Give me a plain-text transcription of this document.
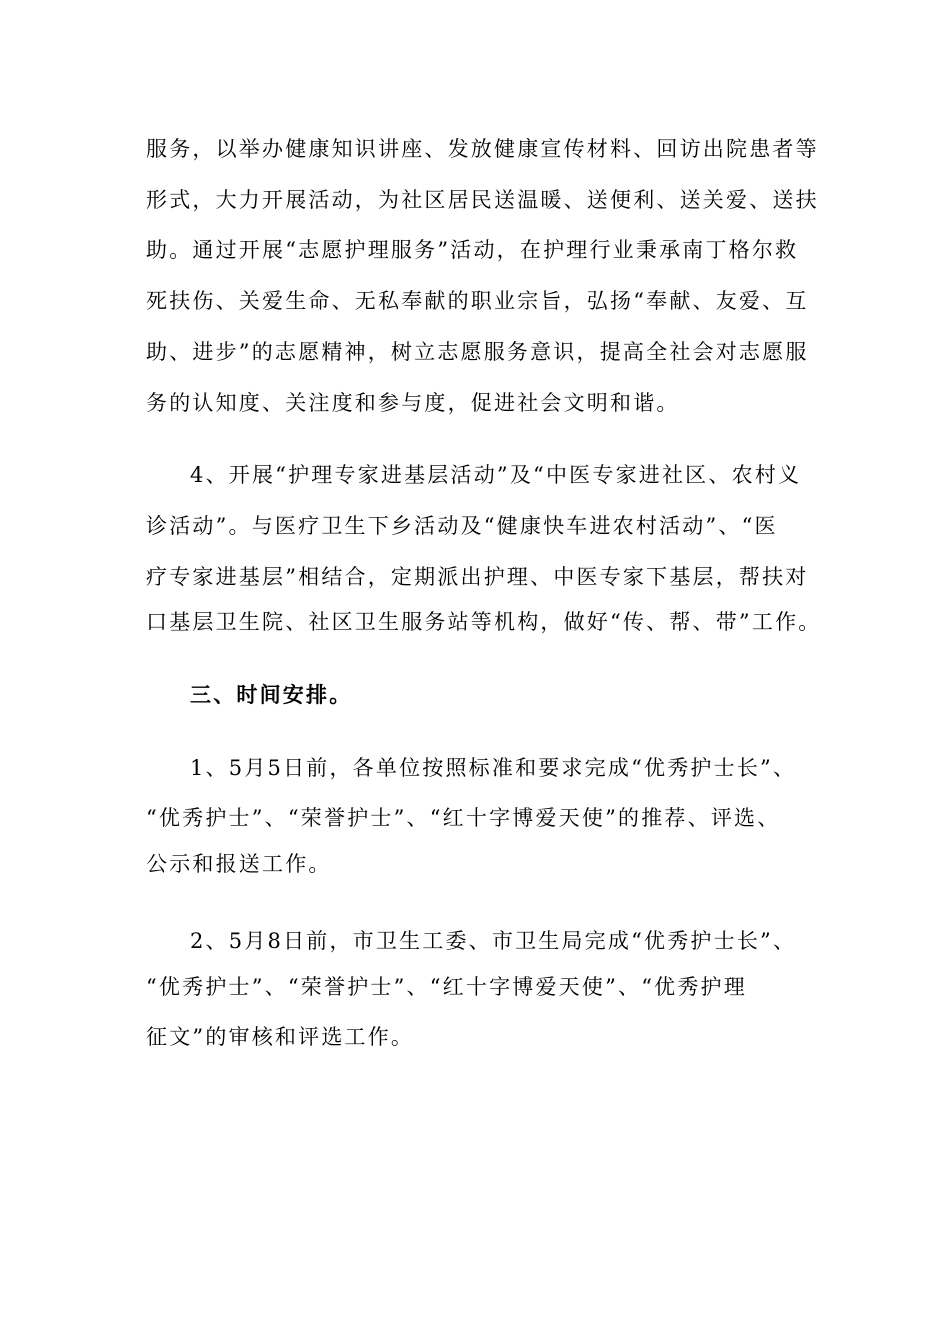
服务，以举办健康知识讲座、发放健康宣传材料、回访出院患者等
形式，大力开展活动，为社区居民送温暖、送便利、送关爱、送扶
助。通过开展“志愿护理服务”活动，在护理行业秉承南丁格尔救
死扶伤、关爱生命、无私奉献的职业宗旨，弘扬“奉献、友爱、互
助、进步”的志愿精神，树立志愿服务意识，提高全社会对志愿服
务的认知度、关注度和参与度，促进社会文明和谐。
4、开展“护理专家进基层活动”及“中医专家进社区、农村义
诊活动”。与医疗卫生下乡活动及“健康快车进农村活动”、“医
疗专家进基层”相结合，定期派出护理、中医专家下基层，帮扶对
口基层卫生院、社区卫生服务站等机构，做好“传、帮、带”工作。
三、时间安排。
1、5月5日前，各单位按照标准和要求完成“优秀护士长”、
“优秀护士”、“荣誉护士”、“红十字博爱天使”的推荐、评选、
公示和报送工作。
2、5月8日前，市卫生工委、市卫生局完成“优秀护士长”、
“优秀护士”、“荣誉护士”、“红十字博爱天使”、“优秀护理
征文”的审核和评选工作。
